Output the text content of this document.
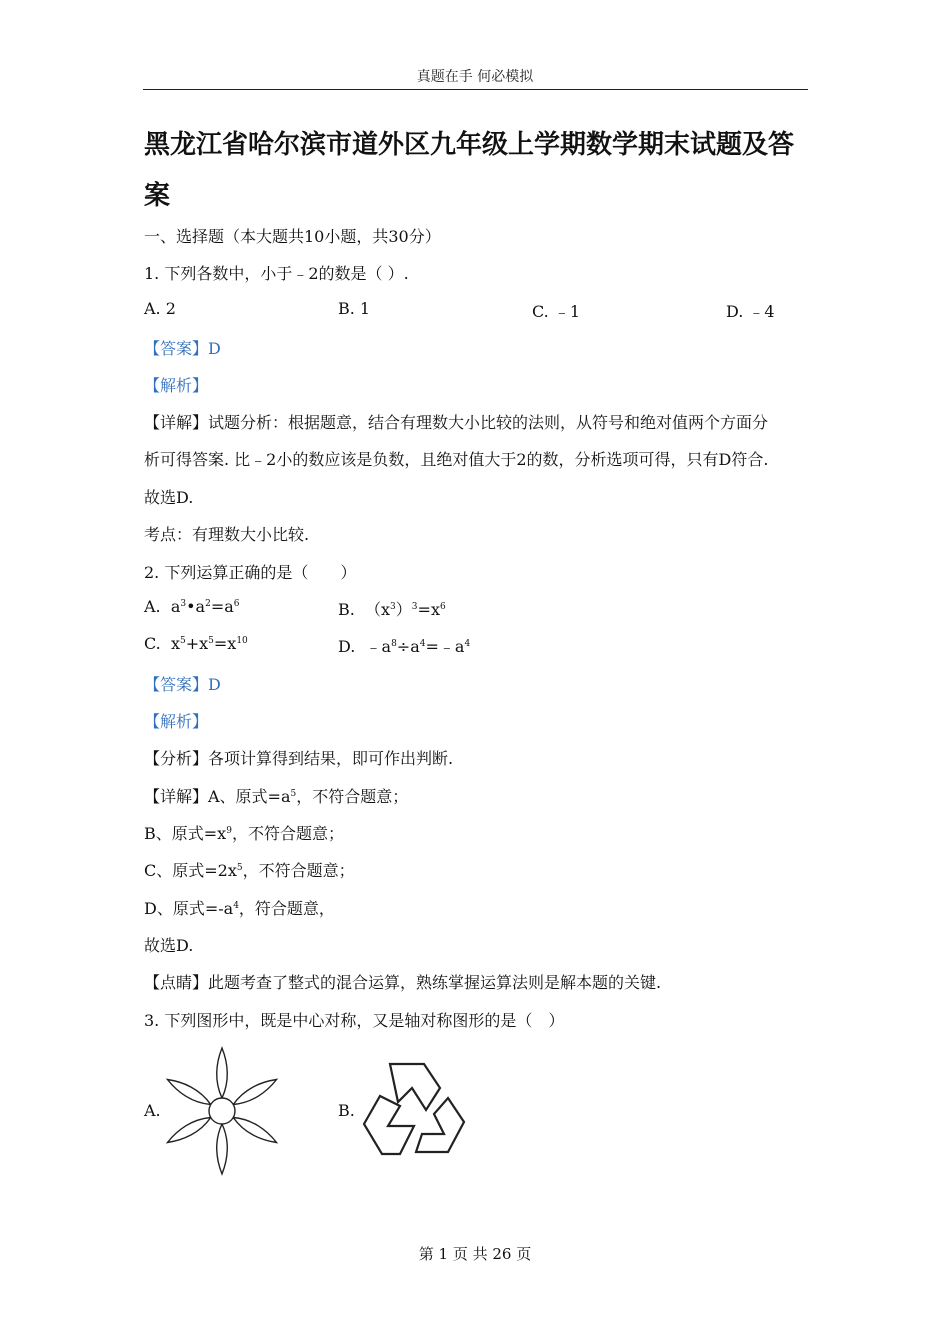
真题在手 何必模拟
黑龙江省哈尔滨市道外区九年级上学期数学期末试题及答
案
一、选择题（本大题共10小题，共30分）
1. 下列各数中，小于﹣2的数是（ ）.
A. 2	B. 1	C. ﹣1	D. ﹣4
【答案】D
【解析】
【详解】试题分析：根据题意，结合有理数大小比较的法则，从符号和绝对值两个方面分
析可得答案. 比﹣2小的数应该是负数，且绝对值大于2的数，分析选项可得，只有D符合.
故选D.
考点：有理数大小比较.
2. 下列运算正确的是（　　）
A. $a^3•a^2=a^6$	B. $(x^3)^3=x^6$
C. $x^5+x^5=x^{10}$	D. $﹣a^8\div a^4=﹣a^4$
【答案】D
【解析】
【分析】各项计算得到结果，即可作出判断.
【详解】A、原式$=a^5$，不符合题意；
B、原式$=x^9$，不符合题意；
C、原式$=2x^5$，不符合题意；
D、原式$=-a^4$，符合题意，
故选D.
【点睛】此题考查了整式的混合运算，熟练掌握运算法则是解本题的关键.
3. 下列图形中，既是中心对称，又是轴对称图形的是（　）
A.	B.
第 1 页 共 26 页
